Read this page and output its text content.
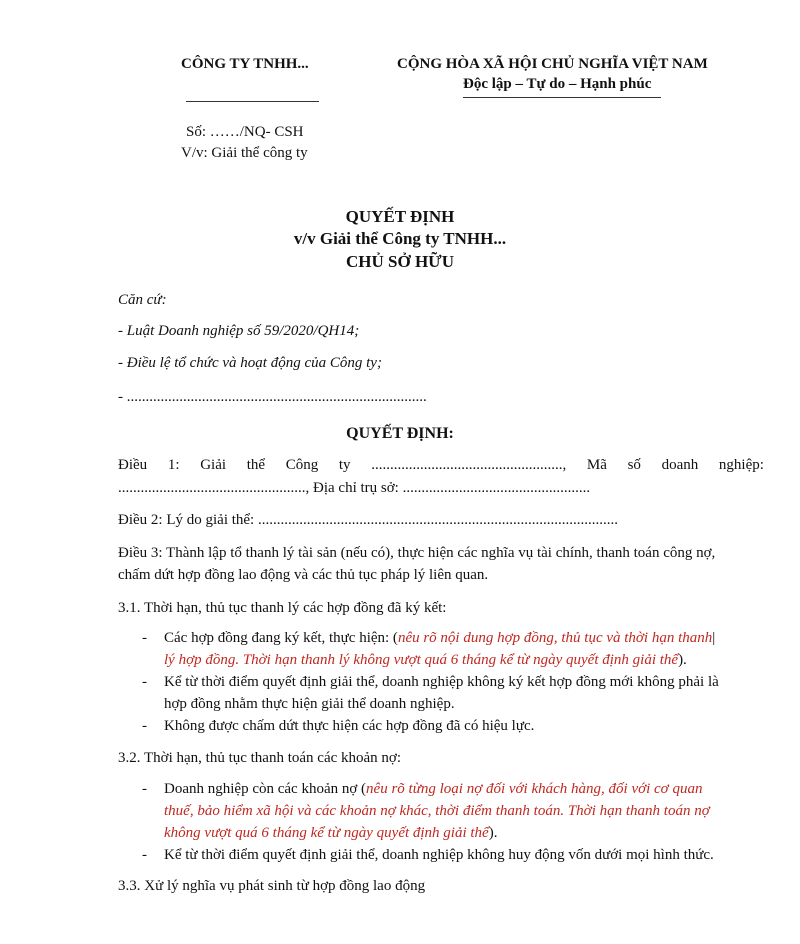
CÔNG TY TNHH...
Số: ……/NQ- CSH
V/v: Giải thể công ty
CỘNG HÒA XÃ HỘI CHỦ NGHĨA VIỆT NAM
Độc lập – Tự do – Hạnh phúc
QUYẾT ĐỊNH
v/v Giải thể Công ty TNHH...
CHỦ SỞ HỮU
Căn cứ:
- Luật Doanh nghiệp số 59/2020/QH14;
- Điều lệ tổ chức và hoạt động của Công ty;
- ................................................................................
QUYẾT ĐỊNH:
Điều 1: Giải thể Công ty ..................................................., Mã số doanh nghiệp:
.................................................., Địa chỉ trụ sở: ..................................................
Điều 2: Lý do giải thể: ................................................................................................
Điều 3: Thành lập tổ thanh lý tài sản (nếu có), thực hiện các nghĩa vụ tài chính, thanh toán công nợ,
chấm dứt hợp đồng lao động và các thủ tục pháp lý liên quan.
3.1. Thời hạn, thủ tục thanh lý các hợp đồng đã ký kết:
- Các hợp đồng đang ký kết, thực hiện: (nêu rõ nội dung hợp đồng, thủ tục và thời hạn thanh|
lý hợp đồng. Thời hạn thanh lý không vượt quá 6 tháng kể từ ngày quyết định giải thể).
- Kể từ thời điểm quyết định giải thể, doanh nghiệp không ký kết hợp đồng mới không phải là
hợp đồng nhằm thực hiện giải thể doanh nghiệp.
- Không được chấm dứt thực hiện các hợp đồng đã có hiệu lực.
3.2. Thời hạn, thủ tục thanh toán các khoản nợ:
- Doanh nghiệp còn các khoản nợ (nêu rõ từng loại nợ đối với khách hàng, đối với cơ quan
thuế, bảo hiểm xã hội và các khoản nợ khác, thời điểm thanh toán. Thời hạn thanh toán nợ
không vượt quá 6 tháng kể từ ngày quyết định giải thể).
- Kể từ thời điểm quyết định giải thể, doanh nghiệp không huy động vốn dưới mọi hình thức.
3.3. Xử lý nghĩa vụ phát sinh từ hợp đồng lao động
